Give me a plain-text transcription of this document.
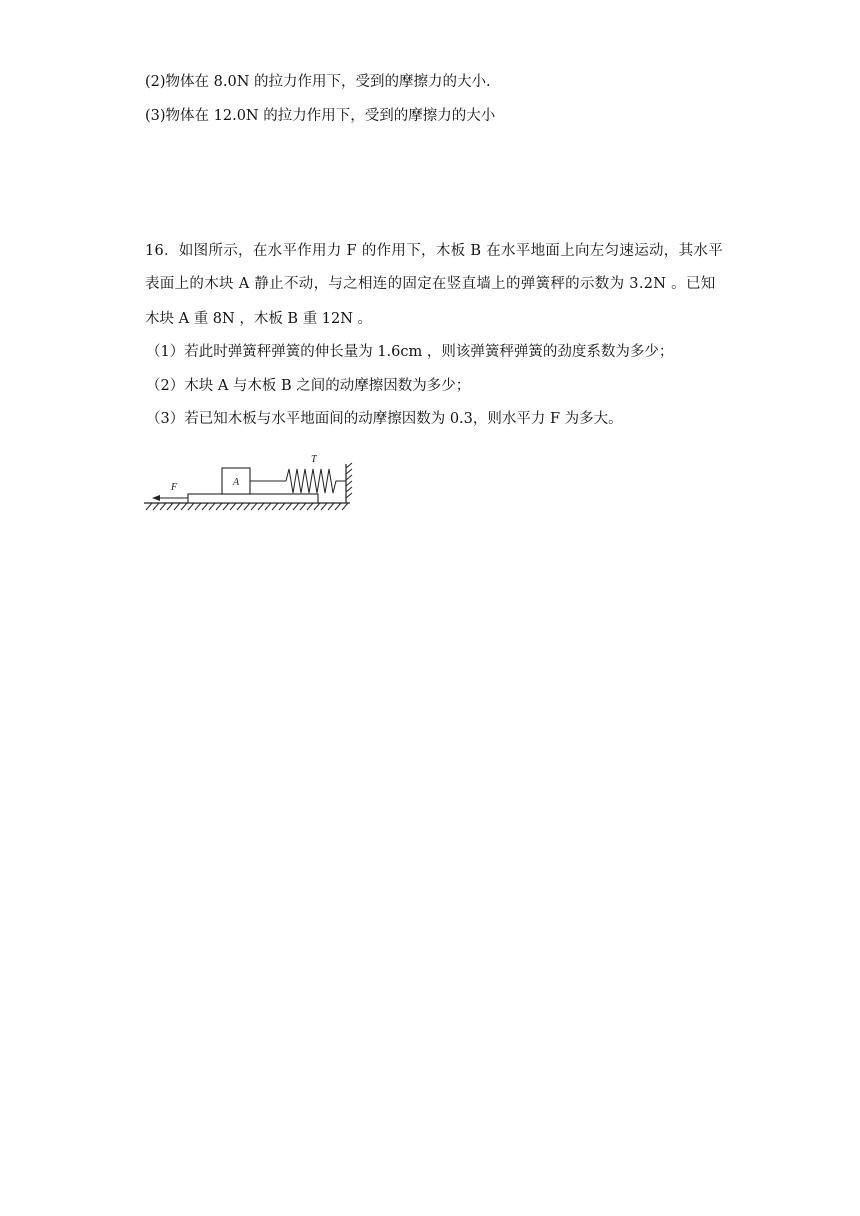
(2)物体在 8.0N 的拉力作用下，受到的摩擦力的大小.
(3)物体在 12.0N 的拉力作用下，受到的摩擦力的大小
16．如图所示，在水平作用力 F 的作用下，木板 B 在水平地面上向左匀速运动，其水平
表面上的木块 A 静止不动，与之相连的固定在竖直墙上的弹簧秤的示数为 3.2N 。已知
木块 A 重 8N ，木板 B 重 12N 。
（1）若此时弹簧秤弹簧的伸长量为 1.6cm ，则该弹簧秤弹簧的劲度系数为多少；
（2）木块 A 与木板 B 之间的动摩擦因数为多少；
（3）若已知木板与水平地面间的动摩擦因数为 0.3，则水平力 F 为多大。
A
T
F
